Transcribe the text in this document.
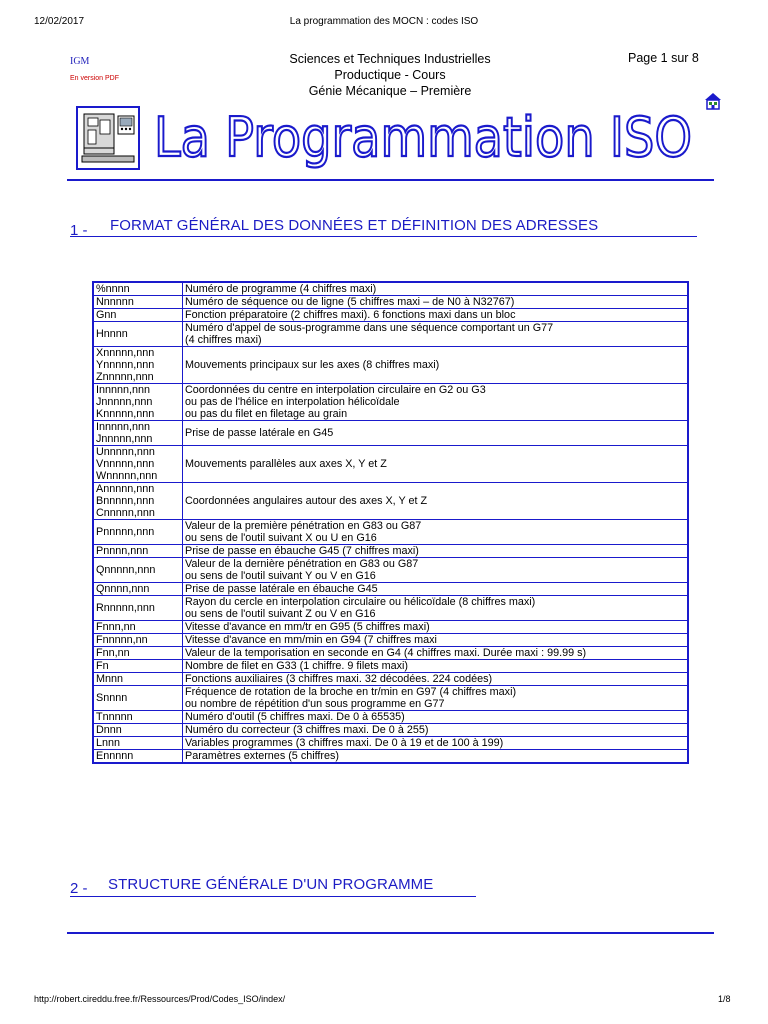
12/02/2017	La programmation des MOCN : codes ISO
IGM
En version PDF
Sciences et Techniques Industrielles
Productique - Cours
Génie Mécanique – Première
Page 1 sur 8
La Programmation ISO
1 - FORMAT GÉNÉRAL DES DONNÉES ET DÉFINITION DES ADRESSES
%nnnn	Numéro de programme (4 chiffres maxi)
Nnnnnn	Numéro de séquence ou de ligne (5 chiffres maxi – de N0 à N32767)
Gnn	Fonction préparatoire (2 chiffres maxi). 6 fonctions maxi dans un bloc
Hnnnn	Numéro d'appel de sous-programme dans une séquence comportant un G77
(4 chiffres maxi)
Xnnnnn,nnn
Ynnnnn,nnn
Znnnnn,nnn	Mouvements principaux sur les axes (8 chiffres maxi)
Innnnn,nnn
Jnnnnn,nnn
Knnnnn,nnn	Coordonnées du centre en interpolation circulaire en G2 ou G3
ou pas de l'hélice en interpolation hélicoïdale
ou pas du filet en filetage au grain
Innnnn,nnn
Jnnnnn,nnn	Prise de passe latérale en G45
Unnnnn,nnn
Vnnnnn,nnn
Wnnnnn,nnn	Mouvements parallèles aux axes X, Y et Z
Annnnn,nnn
Bnnnnn,nnn
Cnnnnn,nnn	Coordonnées angulaires autour des axes X, Y et Z
Pnnnnn,nnn	Valeur de la première pénétration en G83 ou G87
ou sens de l'outil suivant X ou U en G16
Pnnnn,nnn	Prise de passe en ébauche G45 (7 chiffres maxi)
Qnnnnn,nnn	Valeur de la dernière pénétration en G83 ou G87
ou sens de l'outil suivant Y ou V en G16
Qnnnn,nnn	Prise de passe latérale en ébauche G45
Rnnnnn,nnn	Rayon du cercle en interpolation circulaire ou hélicoïdale (8 chiffres maxi)
ou sens de l'outil suivant Z ou V en G16
Fnnn,nn	Vitesse d'avance en mm/tr en G95 (5 chiffres maxi)
Fnnnnn,nn	Vitesse d'avance en mm/min en G94 (7 chiffres maxi
Fnn,nn	Valeur de la temporisation en seconde en G4 (4 chiffres maxi. Durée maxi : 99.99 s)
Fn	Nombre de filet en G33 (1 chiffre. 9 filets maxi)
Mnnn	Fonctions auxiliaires (3 chiffres maxi. 32 décodées. 224 codées)
Snnnn	Fréquence de rotation de la broche en tr/min en G97 (4 chiffres maxi)
ou nombre de répétition d'un sous programme en G77
Tnnnnn	Numéro d'outil (5 chiffres maxi. De 0 à 65535)
Dnnn	Numéro du correcteur (3 chiffres maxi. De 0 à 255)
Lnnn	Variables programmes (3 chiffres maxi. De 0 à 19 et de 100 à 199)
Ennnnn	Paramètres externes (5 chiffres)
2 - STRUCTURE GÉNÉRALE D'UN PROGRAMME
http://robert.cireddu.free.fr/Ressources/Prod/Codes_ISO/index/	1/8
